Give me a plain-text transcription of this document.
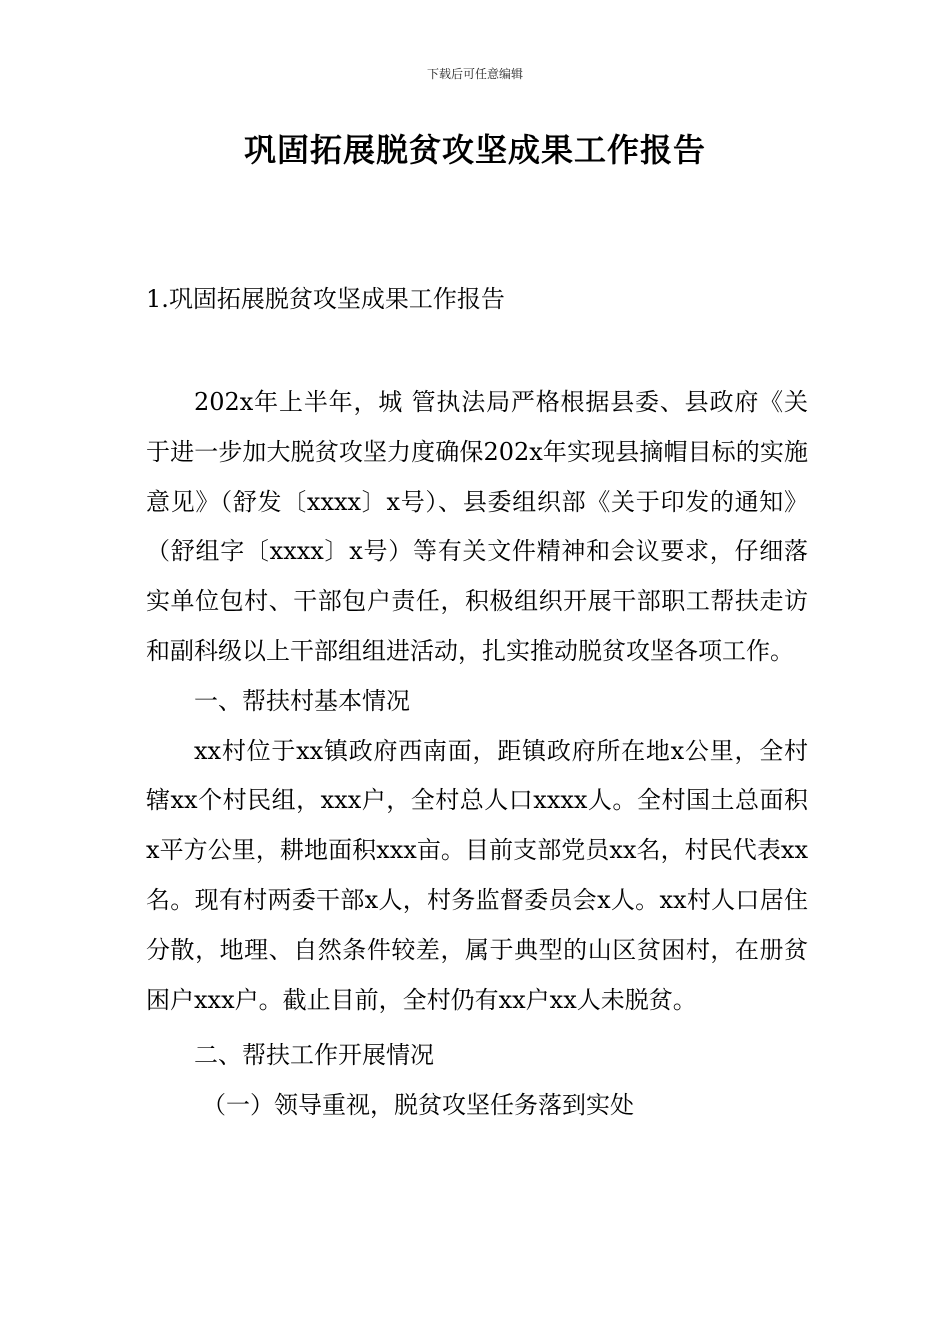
下载后可任意编辑
巩固拓展脱贫攻坚成果工作报告
1.巩固拓展脱贫攻坚成果工作报告

202x年上半年，城 管执法局严格根据县委、县政府《关于进一步加大脱贫攻坚力度确保202x年实现县摘帽目标的实施意见》（舒发〔xxxx〕x号）、县委组织部《关于印发的通知》（舒组字〔xxxx〕x号）等有关文件精神和会议要求，仔细落实单位包村、干部包户责任，积极组织开展干部职工帮扶走访和副科级以上干部组组进活动，扎实推动脱贫攻坚各项工作。

一、帮扶村基本情况

xx村位于xx镇政府西南面，距镇政府所在地x公里，全村辖xx个村民组，xxx户，全村总人口xxxx人。全村国土总面积x平方公里，耕地面积xxx亩。目前支部党员xx名，村民代表xx名。现有村两委干部x人，村务监督委员会x人。xx村人口居住分散，地理、自然条件较差，属于典型的山区贫困村，在册贫困户xxx户。截止目前，全村仍有xx户xx人未脱贫。

二、帮扶工作开展情况

（一）领导重视，脱贫攻坚任务落到实处
